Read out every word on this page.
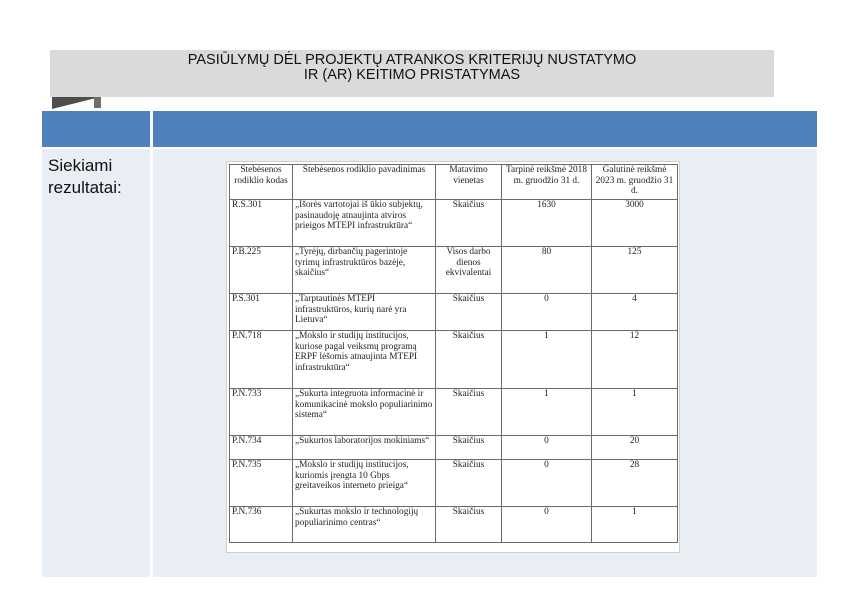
PASIŪLYMŲ DĖL PROJEKTŲ ATRANKOS KRITERIJŲ NUSTATYMO
IR (AR) KEITIMO PRISTATYMAS
Siekiami
rezultatai:
Stebėsenos rodiklio kodas	Stebėsenos rodiklio pavadinimas	Matavimo vienetas	Tarpinė reikšmė 2018 m. gruodžio 31 d.	Galutinė reikšmė 2023 m. gruodžio 31 d.
R.S.301	„Išorės vartotojai iš ūkio subjektų, pasinaudoję atnaujinta atviros prieigos MTEPI infrastruktūra“	Skaičius	1630	3000
P.B.225	„Tyrėjų, dirbančių pagerintoje tyrimų infrastruktūros bazėje, skaičius“	Visos darbo dienos ekvivalentai	80	125
P.S.301	„Tarptautinės MTEPI infrastruktūros, kurių narė yra Lietuva“	Skaičius	0	4
P.N.718	„Mokslo ir studijų institucijos, kuriose pagal veiksmų programą ERPF lėšomis atnaujinta MTEPI infrastruktūra“	Skaičius	1	12
P.N.733	„Sukurta integruota informacinė ir komunikacinė mokslo populiarinimo sistema“	Skaičius	1	1
P.N.734	„Sukurtos laboratorijos mokiniams“	Skaičius	0	20
P.N.735	„Mokslo ir studijų institucijos, kuriomis įrengta 10 Gbps greitaveikos interneto prieiga“	Skaičius	0	28
P.N.736	„Sukurtas mokslo ir technologijų populiarinimo centras“	Skaičius	0	1
